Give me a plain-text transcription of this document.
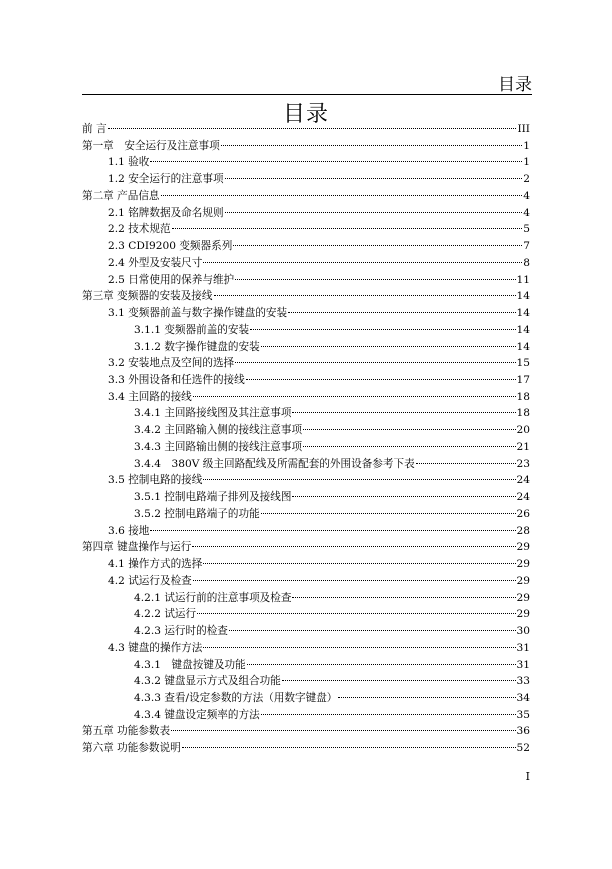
目录
目录
前 言	III
第一章　安全运行及注意事项	1
1.1 验收	1
1.2 安全运行的注意事项	2
第二章 产品信息	4
2.1 铭牌数据及命名规则	4
2.2 技术规范	5
2.3 CDI9200 变频器系列	7
2.4 外型及安装尺寸	8
2.5 日常使用的保养与维护	11
第三章 变频器的安装及接线	14
3.1 变频器前盖与数字操作键盘的安装	14
3.1.1 变频器前盖的安装	14
3.1.2 数字操作键盘的安装	14
3.2 安装地点及空间的选择	15
3.3 外围设备和任选件的接线	17
3.4 主回路的接线	18
3.4.1 主回路接线图及其注意事项	18
3.4.2 主回路输入侧的接线注意事项	20
3.4.3 主回路输出侧的接线注意事项	21
3.4.4　380V 级主回路配线及所需配套的外围设备参考下表	23
3.5 控制电路的接线	24
3.5.1 控制电路端子排列及接线图	24
3.5.2 控制电路端子的功能	26
3.6 接地	28
第四章 键盘操作与运行	29
4.1 操作方式的选择	29
4.2 试运行及检查	29
4.2.1 试运行前的注意事项及检查	29
4.2.2 试运行	29
4.2.3 运行时的检查	30
4.3 键盘的操作方法	31
4.3.1　键盘按键及功能	31
4.3.2 键盘显示方式及组合功能	33
4.3.3 查看/设定参数的方法（用数字键盘）	34
4.3.4 键盘设定频率的方法	35
第五章 功能参数表	36
第六章 功能参数说明	52
I
